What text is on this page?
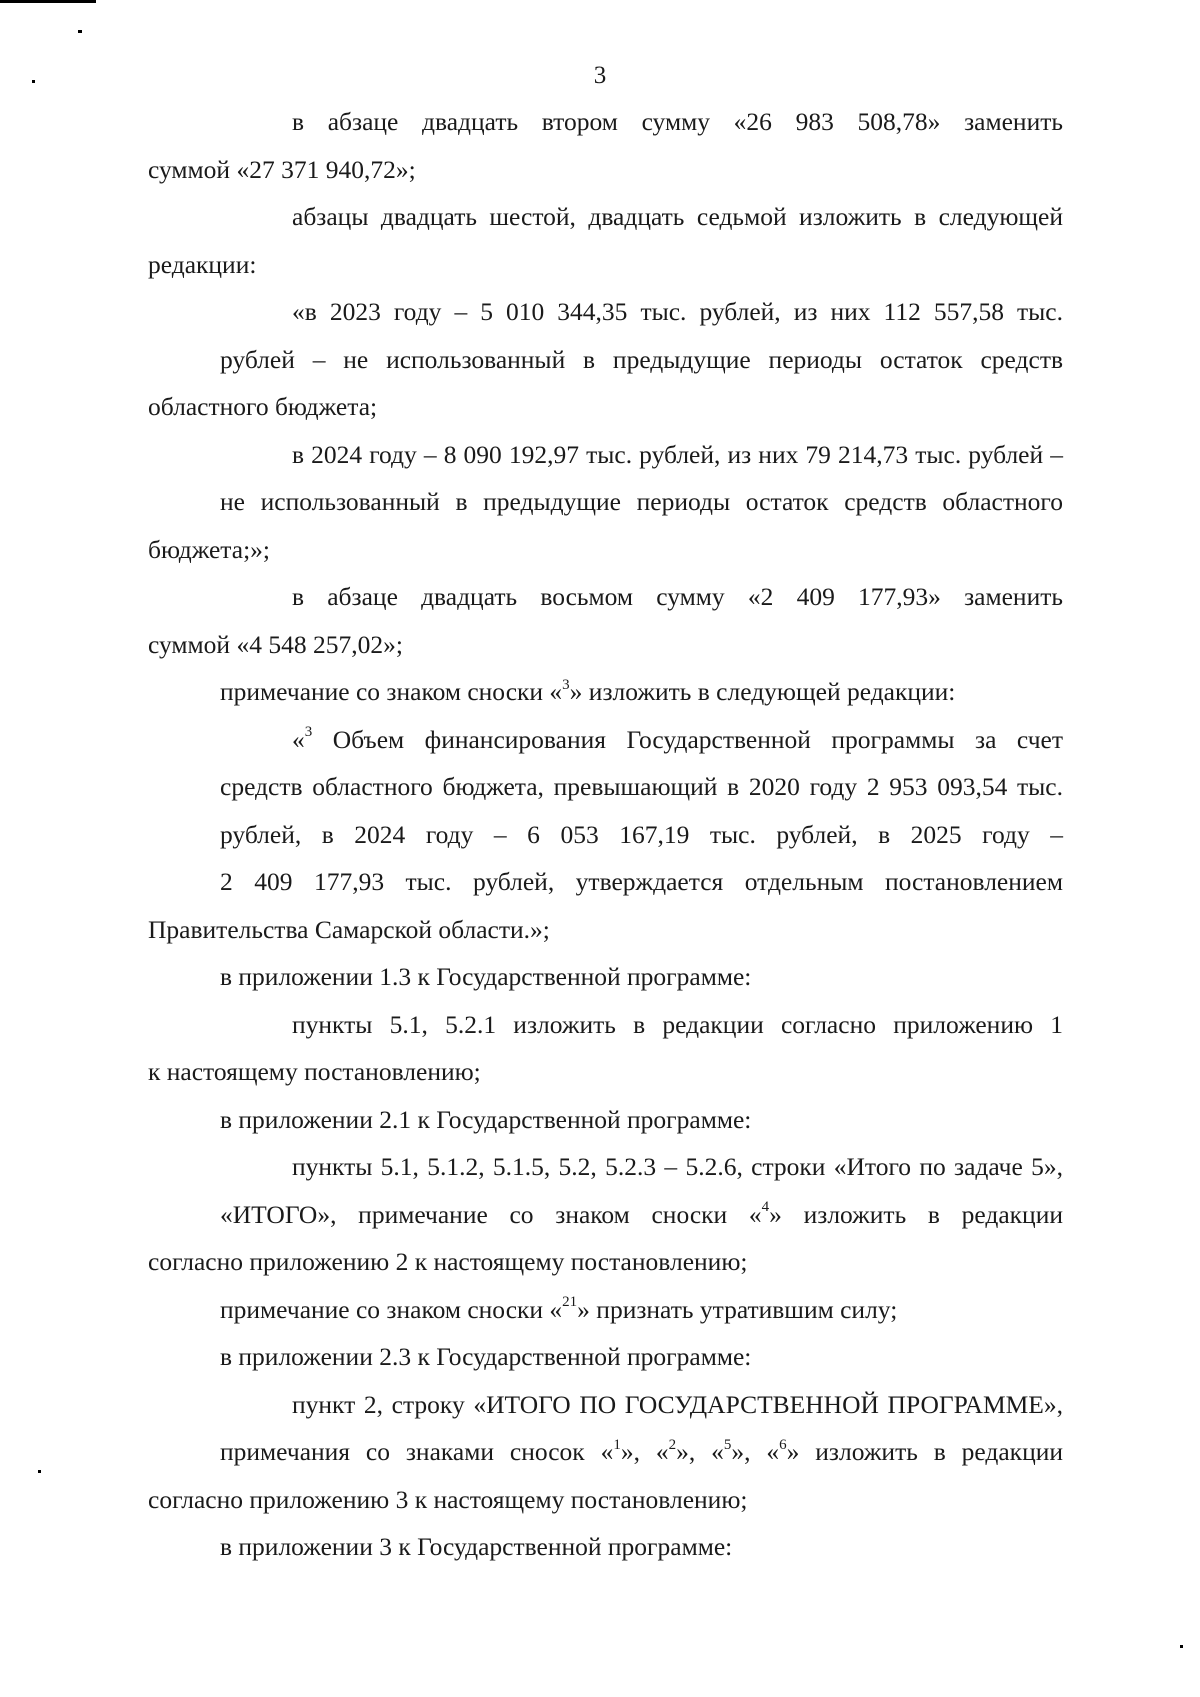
3

в абзаце двадцать втором сумму «26 983 508,78» заменить
суммой «27 371 940,72»;

абзацы двадцать шестой, двадцать седьмой изложить в следующей
редакции:

«в 2023 году – 5 010 344,35 тыс. рублей, из них 112 557,58 тыс.
рублей – не использованный в предыдущие периоды остаток средств
областного бюджета;

в 2024 году – 8 090 192,97 тыс. рублей, из них 79 214,73 тыс. рублей –
не использованный в предыдущие периоды остаток средств областного
бюджета;»;

в абзаце двадцать восьмом сумму «2 409 177,93» заменить
суммой «4 548 257,02»;

примечание со знаком сноски «$^3$» изложить в следующей редакции:

«$^3$ Объем финансирования Государственной программы за счет
средств областного бюджета, превышающий в 2020 году 2 953 093,54 тыс.
рублей, в 2024 году – 6 053 167,19 тыс. рублей, в 2025 году –
2 409 177,93 тыс. рублей, утверждается отдельным постановлением
Правительства Самарской области.»;

в приложении 1.3 к Государственной программе:

пункты 5.1, 5.2.1 изложить в редакции согласно приложению 1
к настоящему постановлению;

в приложении 2.1 к Государственной программе:

пункты 5.1, 5.1.2, 5.1.5, 5.2, 5.2.3 – 5.2.6, строки «Итого по задаче 5»,
«ИТОГО», примечание со знаком сноски «$^4$» изложить в редакции
согласно приложению 2 к настоящему постановлению;

примечание со знаком сноски «$^{21}$» признать утратившим силу;

в приложении 2.3 к Государственной программе:

пункт 2, строку «ИТОГО ПО ГОСУДАРСТВЕННОЙ ПРОГРАММЕ»,
примечания со знаками сносок «$^1$», «$^2$», «$^5$», «$^6$» изложить в редакции
согласно приложению 3 к настоящему постановлению;

в приложении 3 к Государственной программе:
